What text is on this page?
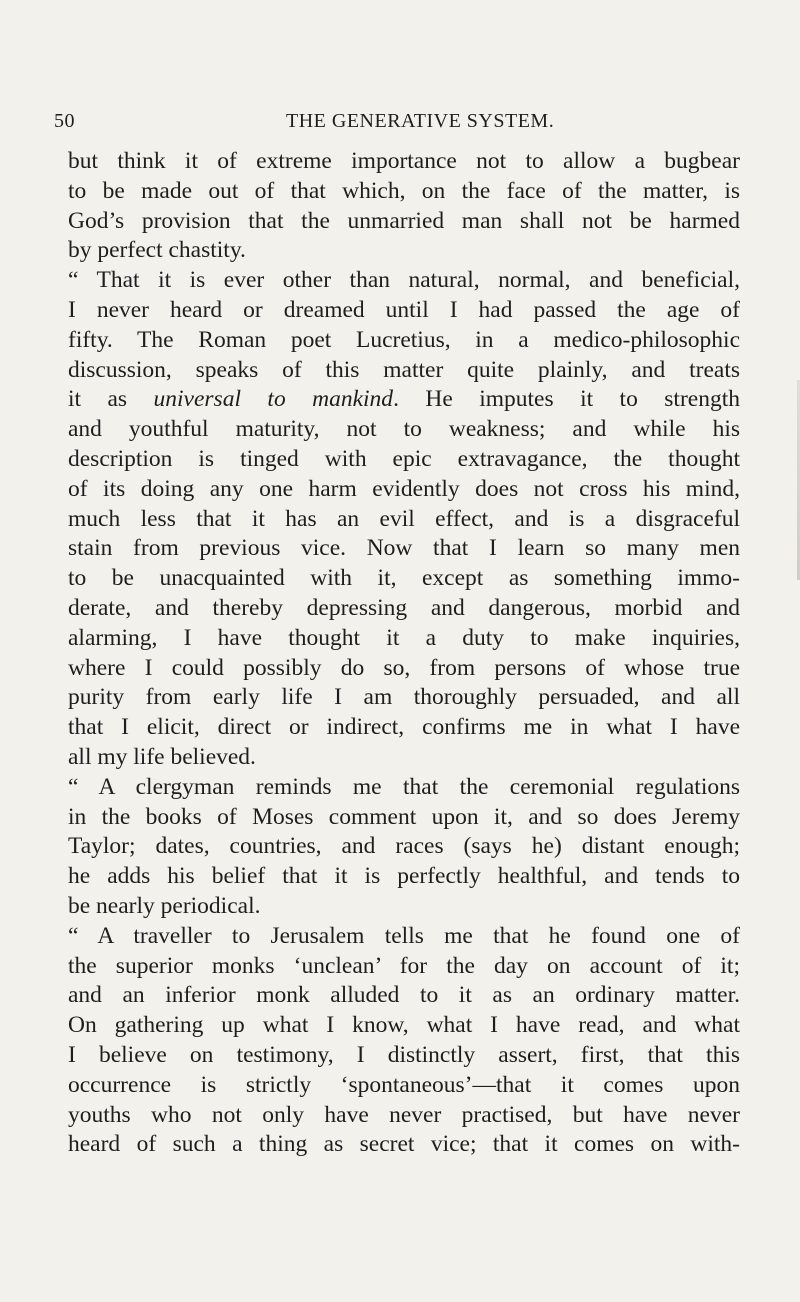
50	THE GENERATIVE SYSTEM.
but think it of extreme importance not to allow a bugbear
to be made out of that which, on the face of the matter, is
God’s provision that the unmarried man shall not be harmed
by perfect chastity.
“ That it is ever other than natural, normal, and beneficial,
I never heard or dreamed until I had passed the age of
fifty. The Roman poet Lucretius, in a medico-philosophic
discussion, speaks of this matter quite plainly, and treats
it as universal to mankind. He imputes it to strength
and youthful maturity, not to weakness; and while his
description is tinged with epic extravagance, the thought
of its doing any one harm evidently does not cross his mind,
much less that it has an evil effect, and is a disgraceful
stain from previous vice. Now that I learn so many men
to be unacquainted with it, except as something immo-
derate, and thereby depressing and dangerous, morbid and
alarming, I have thought it a duty to make inquiries,
where I could possibly do so, from persons of whose true
purity from early life I am thoroughly persuaded, and all
that I elicit, direct or indirect, confirms me in what I have
all my life believed.
“ A clergyman reminds me that the ceremonial regulations
in the books of Moses comment upon it, and so does Jeremy
Taylor; dates, countries, and races (says he) distant enough;
he adds his belief that it is perfectly healthful, and tends to
be nearly periodical.
“ A traveller to Jerusalem tells me that he found one of
the superior monks ‘unclean’ for the day on account of it;
and an inferior monk alluded to it as an ordinary matter.
On gathering up what I know, what I have read, and what
I believe on testimony, I distinctly assert, first, that this
occurrence is strictly ‘spontaneous’—that it comes upon
youths who not only have never practised, but have never
heard of such a thing as secret vice; that it comes on with-
